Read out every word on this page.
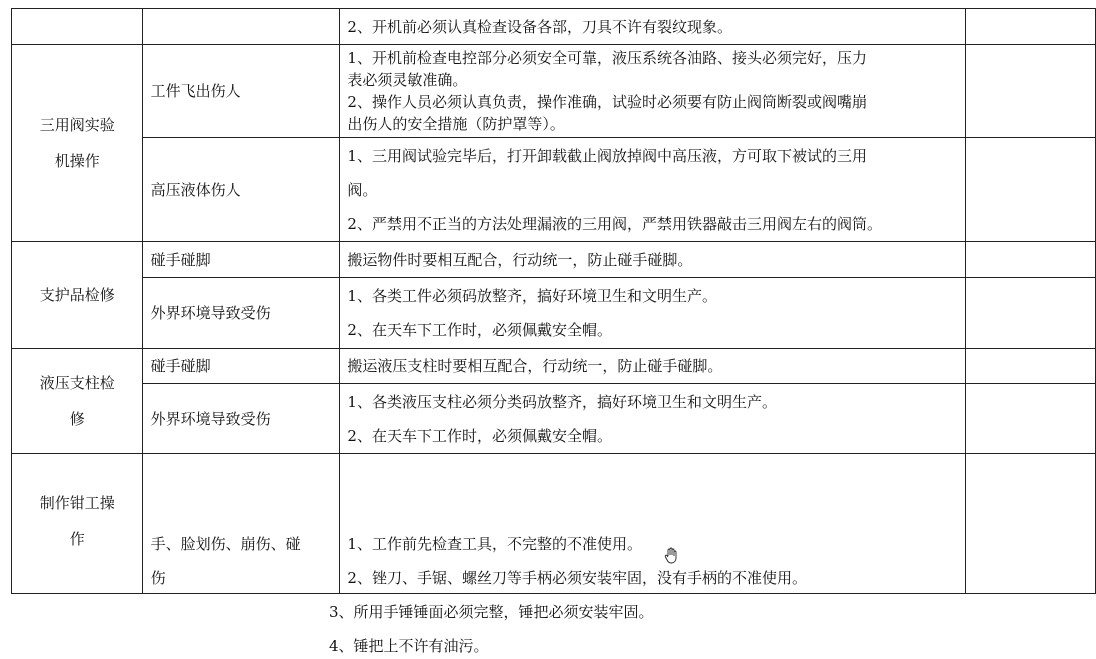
		2、开机前必须认真检查设备各部，刀具不许有裂纹现象。	

三用阀实验
机操作	工件飞出伤人	1、开机前检查电控部分必须安全可靠，液压系统各油路、接头必须完好，压力
表必须灵敏准确。
2、操作人员必须认真负责，操作准确，试验时必须要有防止阀筒断裂或阀嘴崩
出伤人的安全措施（防护罩等）。	

	高压液体伤人	1、三用阀试验完毕后，打开卸载截止阀放掉阀中高压液，方可取下被试的三用
阀。
2、严禁用不正当的方法处理漏液的三用阀，严禁用铁器敲击三用阀左右的阀筒。	

支护品检修	碰手碰脚	搬运物件时要相互配合，行动统一，防止碰手碰脚。	

	外界环境导致受伤	1、各类工件必须码放整齐，搞好环境卫生和文明生产。
2、在天车下工作时，必须佩戴安全帽。	

液压支柱检
修	碰手碰脚	搬运液压支柱时要相互配合，行动统一，防止碰手碰脚。	

	外界环境导致受伤	1、各类液压支柱必须分类码放整齐，搞好环境卫生和文明生产。
2、在天车下工作时，必须佩戴安全帽。	

制作钳工操
作	手、脸划伤、崩伤、碰
伤	1、工作前先检查工具，不完整的不准使用。
2、锉刀、手锯、螺丝刀等手柄必须安装牢固，没有手柄的不准使用。	

3、所用手锤锤面必须完整，锤把必须安装牢固。
4、锤把上不许有油污。
